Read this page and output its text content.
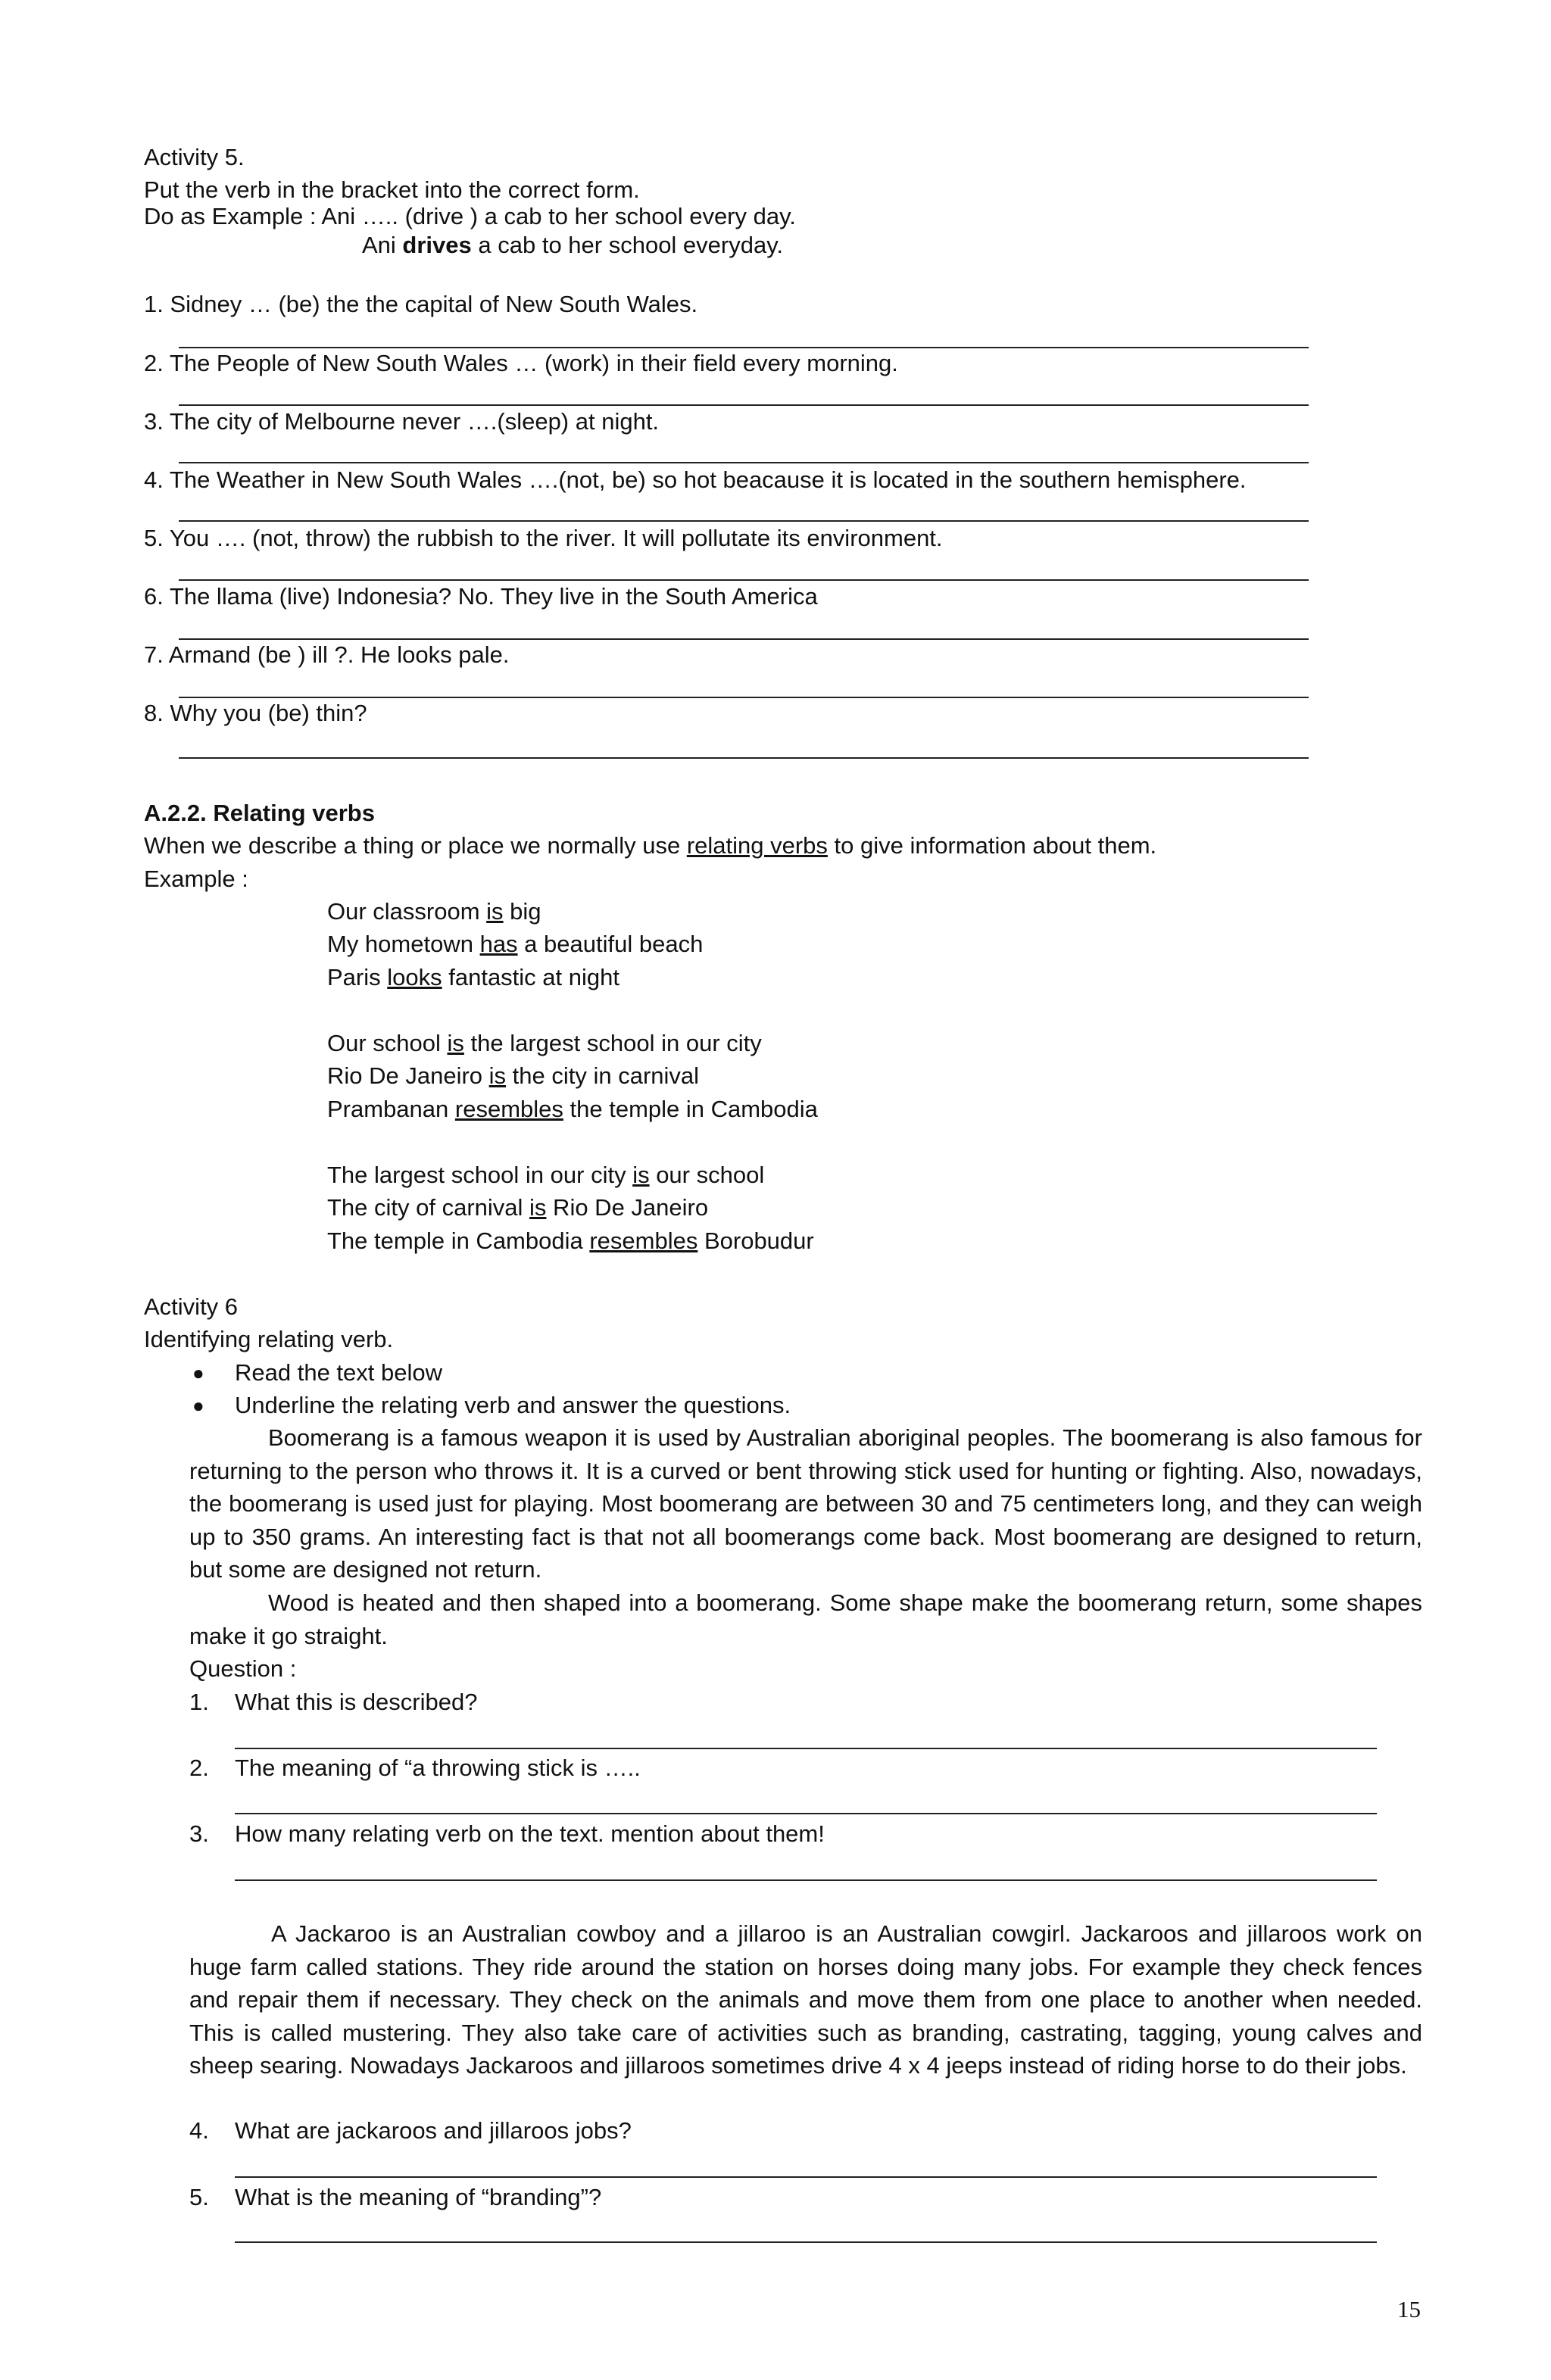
Activity 5.
Put the verb in the bracket into the correct form.
Do as Example : Ani ….. (drive ) a cab to her school every day.
Ani drives a cab to her school everyday.
1. Sidney … (be) the the capital of New South Wales.
2. The People of New South Wales … (work) in their field every morning.
3. The city of Melbourne never ….(sleep) at night.
4. The Weather in New South Wales ….(not, be) so hot beacause it is located in the southern hemisphere.
5. You …. (not, throw) the rubbish to the river. It will pollutate its environment.
6. The llama (live) Indonesia? No. They live in the South America
7. Armand (be ) ill ?. He looks pale.
8. Why you (be) thin?
A.2.2. Relating verbs
When we describe a thing or place we normally use relating verbs to give information about them.
Example :
Our classroom is big
My hometown has a beautiful beach
Paris looks fantastic at night
Our school is the largest school in our city
Rio De Janeiro is the city in carnival
Prambanan resembles the temple in Cambodia
The largest school in our city is our school
The city of carnival is Rio De Janeiro
The temple in Cambodia resembles Borobudur
Activity 6
Identifying relating verb.
● Read the text below
● Underline the relating verb and answer the questions.
Boomerang is a famous weapon it is used by Australian aboriginal peoples. The boomerang is also famous for returning to the person who throws it. It is a curved or bent throwing stick used for hunting or fighting. Also, nowadays, the boomerang is used just for playing. Most boomerang are between 30 and 75 centimeters long, and they can weigh up to 350 grams. An interesting fact is that not all boomerangs come back. Most boomerang are designed to return, but some are designed not return.
Wood is heated and then shaped into a boomerang. Some shape make the boomerang return, some shapes make it go straight.
Question :
1. What this is described?
2. The meaning of “a throwing stick is …..
3. How many relating verb on the text. mention about them!
A Jackaroo is an Australian cowboy and a jillaroo is an Australian cowgirl. Jackaroos and jillaroos work on huge farm called stations. They ride around the station on horses doing many jobs. For example they check fences and repair them if necessary. They check on the animals and move them from one place to another when needed. This is called mustering. They also take care of activities such as branding, castrating, tagging, young calves and sheep searing. Nowadays Jackaroos and jillaroos sometimes drive 4 x 4 jeeps instead of riding horse to do their jobs.
4. What are jackaroos and jillaroos jobs?
5. What is the meaning of “branding”?
15
